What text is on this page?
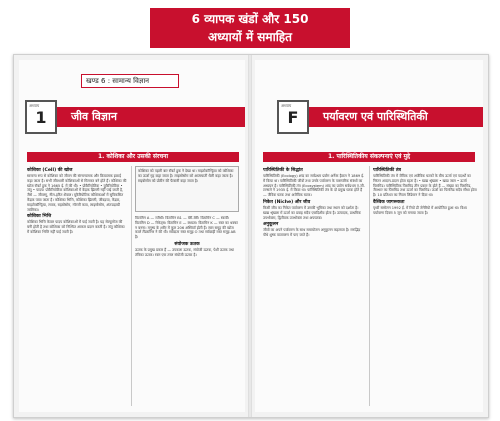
6 व्यापक खंडों और 150
अध्यायों में समाहित
खण्ड 6 : सामान्य विज्ञान
अध्याय
1	जीव विज्ञान
1. कोशिका और उसकी संरचना
कोशिका (Cell) की खोज

सामान्य रूप से कोशिका को जीवन की संरचनात्मक और क्रियात्मक इकाई कहा जाता है। सभी जीवधारी कोशिकाओं से मिलकर बने होते हैं। कोशिका की खोज रॉबर्ट हुक ने 1665 ई. में की थी। • प्रोकैरियोटिक • यूकैरियोटिक • जंतु • पादप। प्रोकैरियोटिक कोशिकाओं में केंद्रक झिल्ली नहीं पाई जाती है, जैसे — जीवाणु, नील-हरित शैवाल। यूकैरियोटिक कोशिकाओं में सुविकसित केंद्रक पाया जाता है। कोशिका भित्ति, कोशिका झिल्ली, जीवद्रव्य, केंद्रक, माइटोकॉण्ड्रिया, लवक, राइबोसोम, गॉल्जी काय, लाइसोसोम, अंतःप्रद्रव्यी जालिका।

कोशिका भित्ति

कोशिका भित्ति केवल पादप कोशिकाओं में पाई जाती है। यह सेल्यूलोज की बनी होती है तथा कोशिका को निश्चित आकार प्रदान करती है। जंतु कोशिका में कोशिका भित्ति नहीं पाई जाती है।

कोशिका को पहली बार रॉबर्ट हुक ने देखा था। माइटोकॉण्ड्रिया को कोशिका का ऊर्जा गृह कहा जाता है। लाइसोसोम को आत्मघाती थैली कहा जाता है। राइबोसोम को प्रोटीन की फैक्टरी कहा जाता है।

विटामिन A — रतौंधी। विटामिन B1 — बेरी-बेरी। विटामिन C — स्कर्वी। विटामिन D — रिकेट्स। विटामिन E — बंध्यता। विटामिन K — रक्त का थक्का न बनना। मनुष्य के शरीर में कुल 206 अस्थियाँ होती हैं। रक्त समूह की खोज कार्ल लैंडस्टीनर ने की थी। सर्वदाता रक्त समूह O तथा सर्वग्राही रक्त समूह AB है।

संयोजक ऊतक

ऊतक के प्रमुख प्रकार हैं — उपकला ऊतक, संयोजी ऊतक, पेशी ऊतक तथा तंत्रिका ऊतक। रक्त एक तरल संयोजी ऊतक है।

अध्याय
F	पर्यावरण एवं पारिस्थितिकी
1. पारिस्थितिकीय संकल्पनाएं एवं मुद्दे
पारिस्थितिकी के सिद्धांत

पारिस्थितिकी (Ecology) शब्द का सर्वप्रथम प्रयोग अर्नेस्ट हैकल ने 1869 ई. में किया था। पारिस्थितिकी जीवों तथा उनके पर्यावरण के पारस्परिक संबंधों का अध्ययन है। पारिस्थितिकी तंत्र (Ecosystem) शब्द का प्रयोग सर्वप्रथम ए.जी. टान्सले ने 1935 ई. में किया था। पारिस्थितिकी तंत्र के दो प्रमुख घटक होते हैं — जैविक घटक तथा अजैविक घटक।

निकेत (Niche) और जीव

किसी जीव का निकेत पर्यावरण में उसकी भूमिका तथा स्थान को दर्शाता है। खाद्य श्रृंखला में ऊर्जा का प्रवाह सदैव एकदिशीय होता है। उत्पादक, प्राथमिक उपभोक्ता, द्वितीयक उपभोक्ता तथा अपघटक।

अनुकूलन

जीवों का अपने पर्यावरण के साथ समायोजन अनुकूलन कहलाता है। मरुद्भिद पौधे शुष्क वातावरण में पाए जाते हैं।

पारिस्थितिकी तंत्र

पारिस्थितिकी तंत्र में जैविक एवं अजैविक घटकों के बीच ऊर्जा एवं पदार्थों का निरंतर आदान-प्रदान होता रहता है। • खाद्य श्रृंखला • खाद्य जाल • ऊर्जा पिरामिड। पारिस्थितिक पिरामिड तीन प्रकार के होते हैं — संख्या का पिरामिड, जैवभार का पिरामिड तथा ऊर्जा का पिरामिड। ऊर्जा का पिरामिड सदैव सीधा होता है। 10 प्रतिशत का नियम लिंडेमान ने दिया था।

वैश्विक जागरूकता

पृथ्वी सम्मेलन 1992 ई. में रियो डी जेनेरियो में आयोजित हुआ था। विश्व पर्यावरण दिवस 5 जून को मनाया जाता है।
